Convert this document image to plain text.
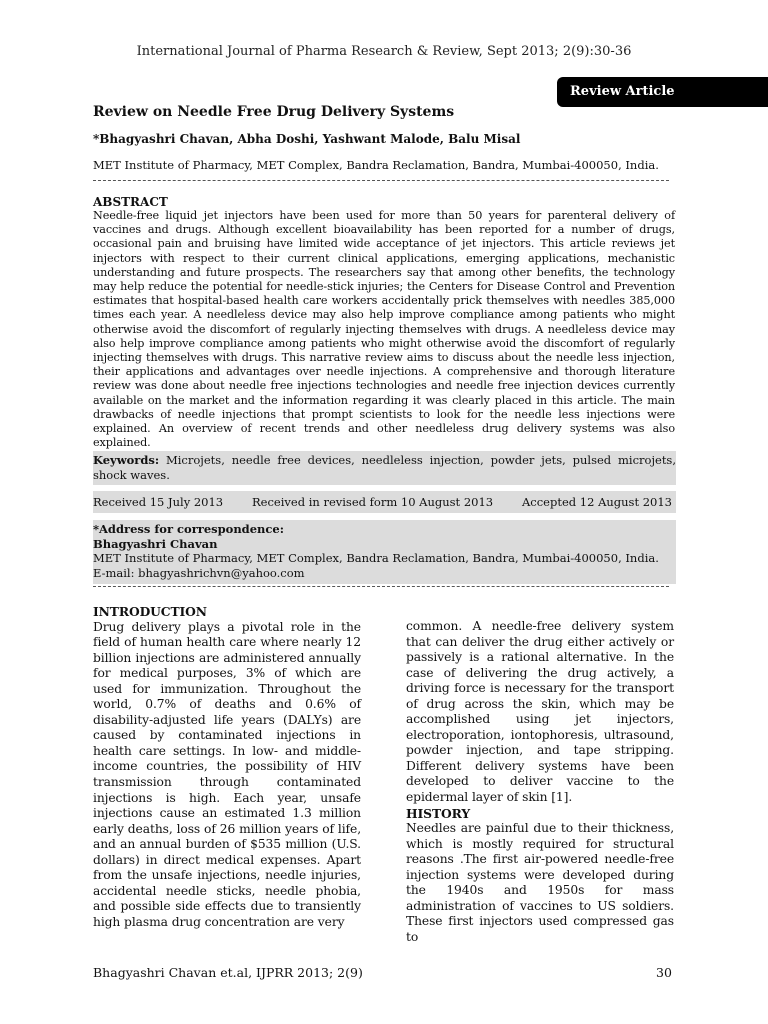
International Journal of Pharma Research & Review, Sept 2013; 2(9):30-36
Review Article
Review on Needle Free Drug Delivery Systems
*Bhagyashri Chavan, Abha Doshi, Yashwant Malode, Balu Misal
MET Institute of Pharmacy, MET Complex, Bandra Reclamation, Bandra, Mumbai-400050, India.
ABSTRACT

Needle-free liquid jet injectors have been used for more than 50 years for parenteral delivery of vaccines and drugs. Although excellent bioavailability has been reported for a number of drugs, occasional pain and bruising have limited wide acceptance of jet injectors. This article reviews jet injectors with respect to their current clinical applications, emerging applications, mechanistic understanding and future prospects. The researchers say that among other benefits, the technology may help reduce the potential for needle-stick injuries; the Centers for Disease Control and Prevention estimates that hospital-based health care workers accidentally prick themselves with needles 385,000 times each year. A needleless device may also help improve compliance among patients who might otherwise avoid the discomfort of regularly injecting themselves with drugs. A needleless device may also help improve compliance among patients who might otherwise avoid the discomfort of regularly injecting themselves with drugs. This narrative review aims to discuss about the needle less injection, their applications and advantages over needle injections. A comprehensive and thorough literature review was done about needle free injections technologies and needle free injection devices currently available on the market and the information regarding it was clearly placed in this article. The main drawbacks of needle injections that prompt scientists to look for the needle less injections were explained. An overview of recent trends and other needleless drug delivery systems was also explained.

Keywords: Microjets, needle free devices, needleless injection, powder jets, pulsed microjets, shock waves.
Received 15 July 2013	Received in revised form 10 August 2013	Accepted 12 August 2013
*Address for correspondence:
Bhagyashri Chavan
MET Institute of Pharmacy, MET Complex, Bandra Reclamation, Bandra, Mumbai-400050, India.
E-mail: bhagyashrichvn@yahoo.com
INTRODUCTION

Drug delivery plays a pivotal role in the field of human health care where nearly 12 billion injections are administered annually for medical purposes, 3% of which are used for immunization. Throughout the world, 0.7% of deaths and 0.6% of disability-adjusted life years (DALYs) are caused by contaminated injections in health care settings. In low- and middle-income countries, the possibility of HIV transmission through contaminated injections is high. Each year, unsafe injections cause an estimated 1.3 million early deaths, loss of 26 million years of life, and an annual burden of $535 million (U.S. dollars) in direct medical expenses. Apart from the unsafe injections, needle injuries, accidental needle sticks, needle phobia, and possible side effects due to transiently high plasma drug concentration are very

common. A needle-free delivery system that can deliver the drug either actively or passively is a rational alternative. In the case of delivering the drug actively, a driving force is necessary for the transport of drug across the skin, which may be accomplished using jet injectors, electroporation, iontophoresis, ultrasound, powder injection, and tape stripping. Different delivery systems have been developed to deliver vaccine to the epidermal layer of skin [1].

HISTORY

Needles are painful due to their thickness, which is mostly required for structural reasons .The first air-powered needle-free injection systems were developed during the 1940s and 1950s for mass administration of vaccines to US soldiers. These first injectors used compressed gas to

Bhagyashri Chavan et.al, IJPRR 2013; 2(9)	30
